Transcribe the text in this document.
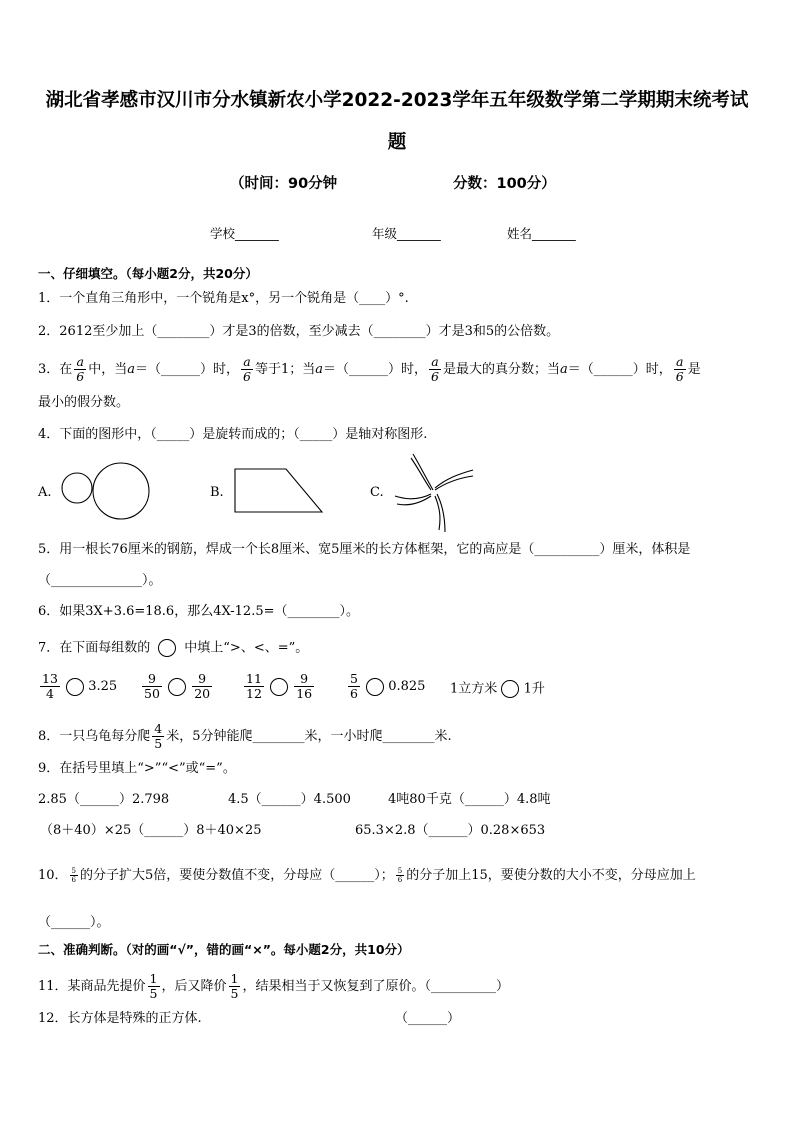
湖北省孝感市汉川市分水镇新农小学2022-2023学年五年级数学第二学期期末统考试
题
（时间：90分钟	分数：100分）
学校_______	年级_______	姓名_______
一、仔细填空。（每小题2分，共20分）
1．一个直角三角形中，一个锐角是x°，另一个锐角是（____）°.
2．2612至少加上（________）才是3的倍数，至少减去（________）才是3和5的公倍数。
3．在 $\frac{a}{6}$ 中，当a＝（______）时， $\frac{a}{6}$ 等于1；当a＝（______）时， $\frac{a}{6}$ 是最大的真分数；当a＝（______）时， $\frac{a}{6}$ 是
最小的假分数。
4．下面的图形中，（_____）是旋转而成的；（_____）是轴对称图形.
A.	B.	C.
5．用一根长76厘米的钢筋，焊成一个长8厘米、宽5厘米的长方体框架，它的高应是（__________）厘米，体积是
（______________）。
6．如果3X+3.6=18.6，那么4X-12.5=（________）。
7．在下面每组数的	中填上“>、<、=”。
$\frac{13}{4} 3.25 \frac{9}{50}$
$\frac{9}{20}$	$\frac{11}{12}$
$\frac{9}{16}$	$\frac{5}{6} 0.825$ 1立方米 1升
8．一只乌龟每分爬 $\frac{4}{5}$ 米，5分钟能爬________米，一小时爬________米.
9．在括号里填上“>”“<”或“=”。
2.85（______）2.798	4.5（______）4.500	4吨80千克（______）4.8吨
（8＋40）×25（______）8＋40×25	65.3×2.8（______）0.28×653
10． $\frac{5}{6}$ 的分子扩大5倍，要使分数值不变，分母应（______）； $\frac{5}{6}$ 的分子加上15，要使分数的大小不变，分母应加上
（______）。
二、准确判断。（对的画“√”，错的画“×”。每小题2分，共10分）
11．某商品先提价 $\frac{1}{5}$ ，后又降价 $\frac{1}{5}$ ，结果相当于又恢复到了原价。（__________）
12．长方体是特殊的正方体.	（______）
